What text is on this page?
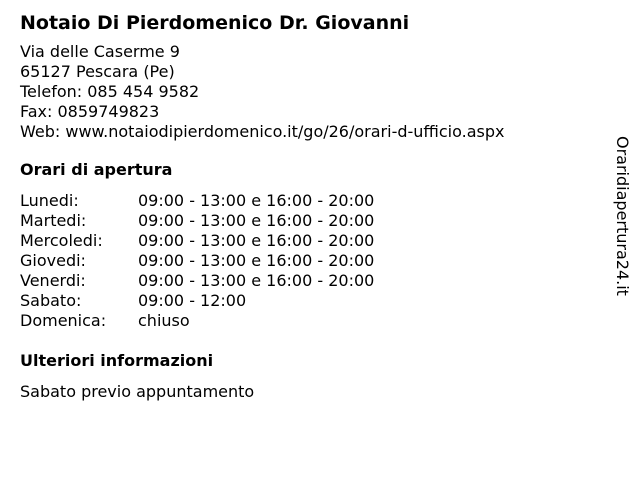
Notaio Di Pierdomenico Dr. Giovanni
Via delle Caserme 9
65127 Pescara (Pe)
Telefon: 085 454 9582
Fax: 0859749823
Web: www.notaiodipierdomenico.it/go/26/orari-d-ufficio.aspx
Orari di apertura
Lunedi:	09:00 - 13:00 e 16:00 - 20:00
Martedi:	09:00 - 13:00 e 16:00 - 20:00
Mercoledi:	09:00 - 13:00 e 16:00 - 20:00
Giovedi:	09:00 - 13:00 e 16:00 - 20:00
Venerdi:	09:00 - 13:00 e 16:00 - 20:00
Sabato:	09:00 - 12:00
Domenica:	chiuso
Ulteriori informazioni
Sabato previo appuntamento
Oraridiapertura24.it
